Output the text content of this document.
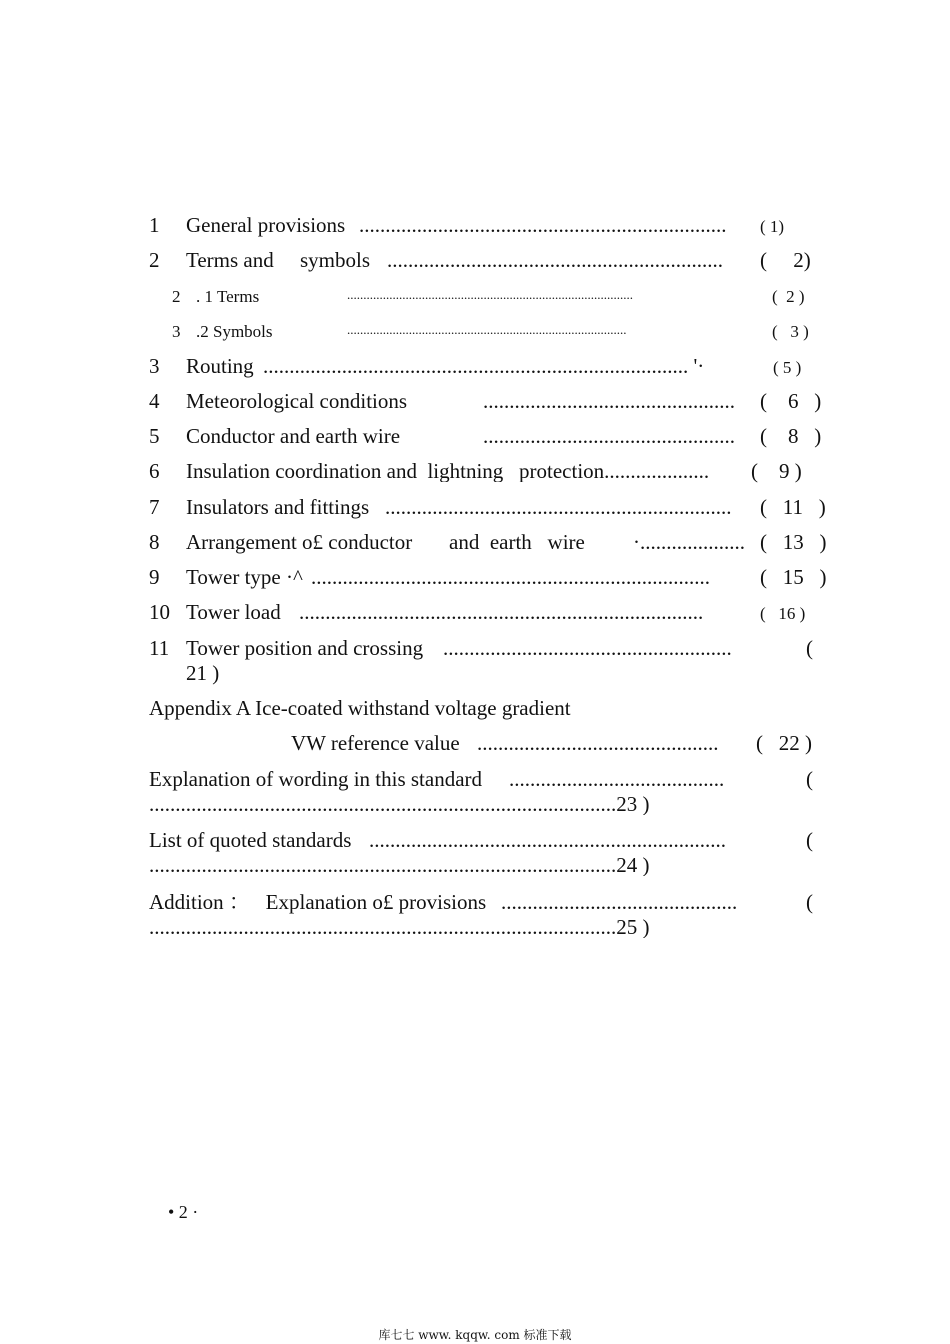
1 General provisions ......................................................................	( 1)
2 Terms and     symbols ................................................................	(     2)
2 . 1 Terms	........................................................................................	(  2 )
3 .2 Symbols	......................................................................................	(   3 )
3 Routing ................................................................................. '·	( 5 )
4 Meteorological conditions	................................................	(    6   )
5 Conductor and earth wire	................................................	(    8   )
6 Insulation coordination and  lightning   protection....................	(    9 )
7 Insulators and fittings ..................................................................	(   11   )
8 Arrangement o£ conductor       and  earth   wire ·.................... (   13   )
9 Tower type ·^ ............................................................................	(   15   )
10 Tower load .............................................................................	(   16 )
11 Tower position and crossing .......................................................	(
21 )
Appendix A Ice-coated withstand voltage gradient
VW reference value ..............................................	(   22 )
Explanation of wording in this standard .........................................	(
.........................................................................................23 )
List of quoted standards ....................................................................	(
.........................................................................................24 )
Addition ：   Explanation o£ provisions .............................................	(
.........................................................................................25 )
• 2 ·
库七七 www. kqqw. com 标准下载
